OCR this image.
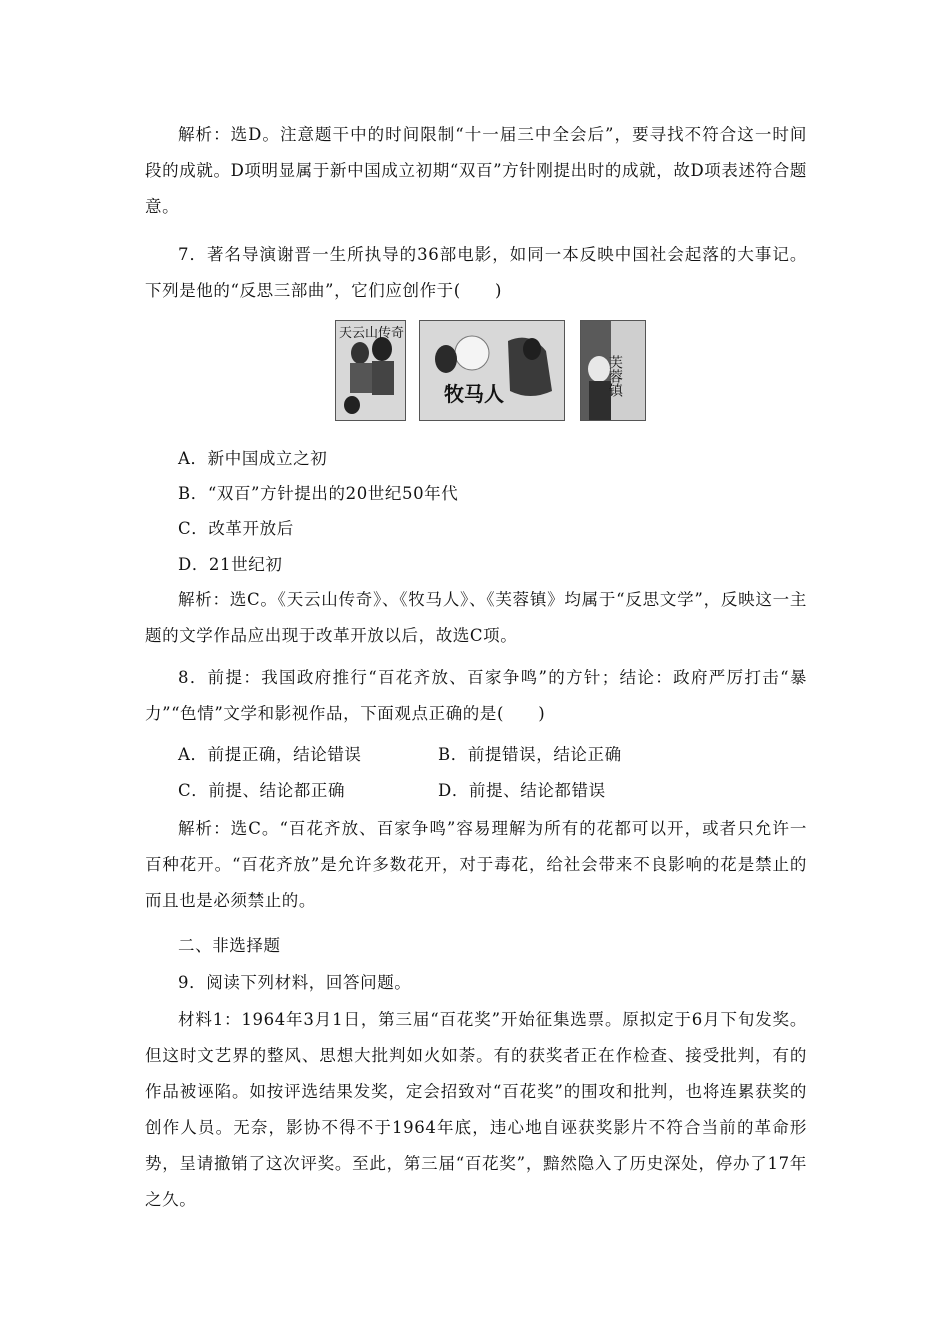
解析：选D。注意题干中的时间限制“十一届三中全会后”，要寻找不符合这一时间段的成就。D项明显属于新中国成立初期“双百”方针刚提出时的成就，故D项表述符合题意。
7．著名导演谢晋一生所执导的36部电影，如同一本反映中国社会起落的大事记。下列是他的“反思三部曲”，它们应创作于(　　)
天云山传奇
牧马人	芙蓉镇
A．新中国成立之初
B．“双百”方针提出的20世纪50年代
C．改革开放后
D．21世纪初
解析：选C。《天云山传奇》、《牧马人》、《芙蓉镇》均属于“反思文学”，反映这一主题的文学作品应出现于改革开放以后，故选C项。
8．前提：我国政府推行“百花齐放、百家争鸣”的方针；结论：政府严厉打击“暴力”“色情”文学和影视作品，下面观点正确的是(　　)
A．前提正确，结论错误	B．前提错误，结论正确
C．前提、结论都正确	D．前提、结论都错误
解析：选C。“百花齐放、百家争鸣”容易理解为所有的花都可以开，或者只允许一百种花开。“百花齐放”是允许多数花开，对于毒花，给社会带来不良影响的花是禁止的而且也是必须禁止的。
二、非选择题
9．阅读下列材料，回答问题。
材料1：1964年3月1日，第三届“百花奖”开始征集选票。原拟定于6月下旬发奖。但这时文艺界的整风、思想大批判如火如荼。有的获奖者正在作检查、接受批判，有的作品被诬陷。如按评选结果发奖，定会招致对“百花奖”的围攻和批判，也将连累获奖的创作人员。无奈，影协不得不于1964年底，违心地自诬获奖影片不符合当前的革命形势，呈请撤销了这次评奖。至此，第三届“百花奖”，黯然隐入了历史深处，停办了17年之久。
